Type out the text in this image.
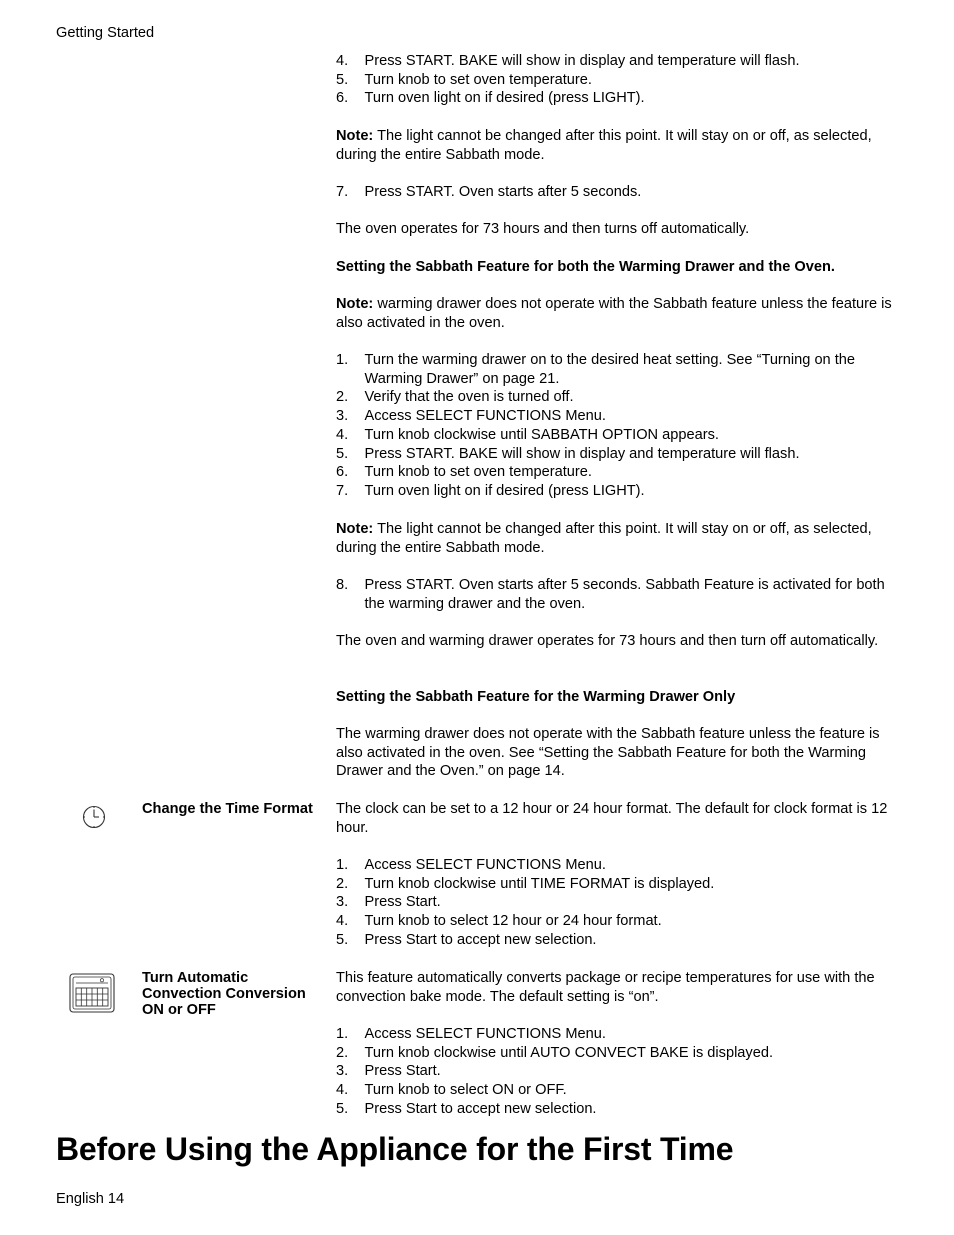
Getting Started
4. Press START. BAKE will show in display and temperature will flash.
5. Turn knob to set oven temperature.
6. Turn oven light on if desired (press LIGHT).

Note: The light cannot be changed after this point. It will stay on or off, as selected, during the entire Sabbath mode.

7. Press START. Oven starts after 5 seconds.

The oven operates for 73 hours and then turns off automatically.

Setting the Sabbath Feature for both the Warming Drawer and the Oven.

Note: warming drawer does not operate with the Sabbath feature unless the feature is also activated in the oven.

1. Turn the warming drawer on to the desired heat setting. See “Turning on the Warming Drawer” on page 21.
2. Verify that the oven is turned off.
3. Access SELECT FUNCTIONS Menu.
4. Turn knob clockwise until SABBATH OPTION appears.
5. Press START. BAKE will show in display and temperature will flash.
6. Turn knob to set oven temperature.
7. Turn oven light on if desired (press LIGHT).

Note: The light cannot be changed after this point. It will stay on or off, as selected, during the entire Sabbath mode.

8. Press START. Oven starts after 5 seconds. Sabbath Feature is activated for both the warming drawer and the oven.

The oven and warming drawer operates for 73 hours and then turn off automatically.

Setting the Sabbath Feature for the Warming Drawer Only

The warming drawer does not operate with the Sabbath feature unless the feature is also activated in the oven. See “Setting the Sabbath Feature for both the Warming Drawer and the Oven.” on page 14.

Change the Time Format	The clock can be set to a 12 hour or 24 hour format. The default for clock format is 12 hour.

1. Access SELECT FUNCTIONS Menu.
2. Turn knob clockwise until TIME FORMAT is displayed.
3. Press Start.
4. Turn knob to select 12 hour or 24 hour format.
5. Press Start to accept new selection.
Turn Automatic Convection Conversion ON or OFF

This feature automatically converts package or recipe temperatures for use with the convection bake mode. The default setting is “on”.

1. Access SELECT FUNCTIONS Menu.
2. Turn knob clockwise until AUTO CONVECT BAKE is displayed.
3. Press Start.
4. Turn knob to select ON or OFF.
5. Press Start to accept new selection.
Before Using the Appliance for the First Time
English 14
